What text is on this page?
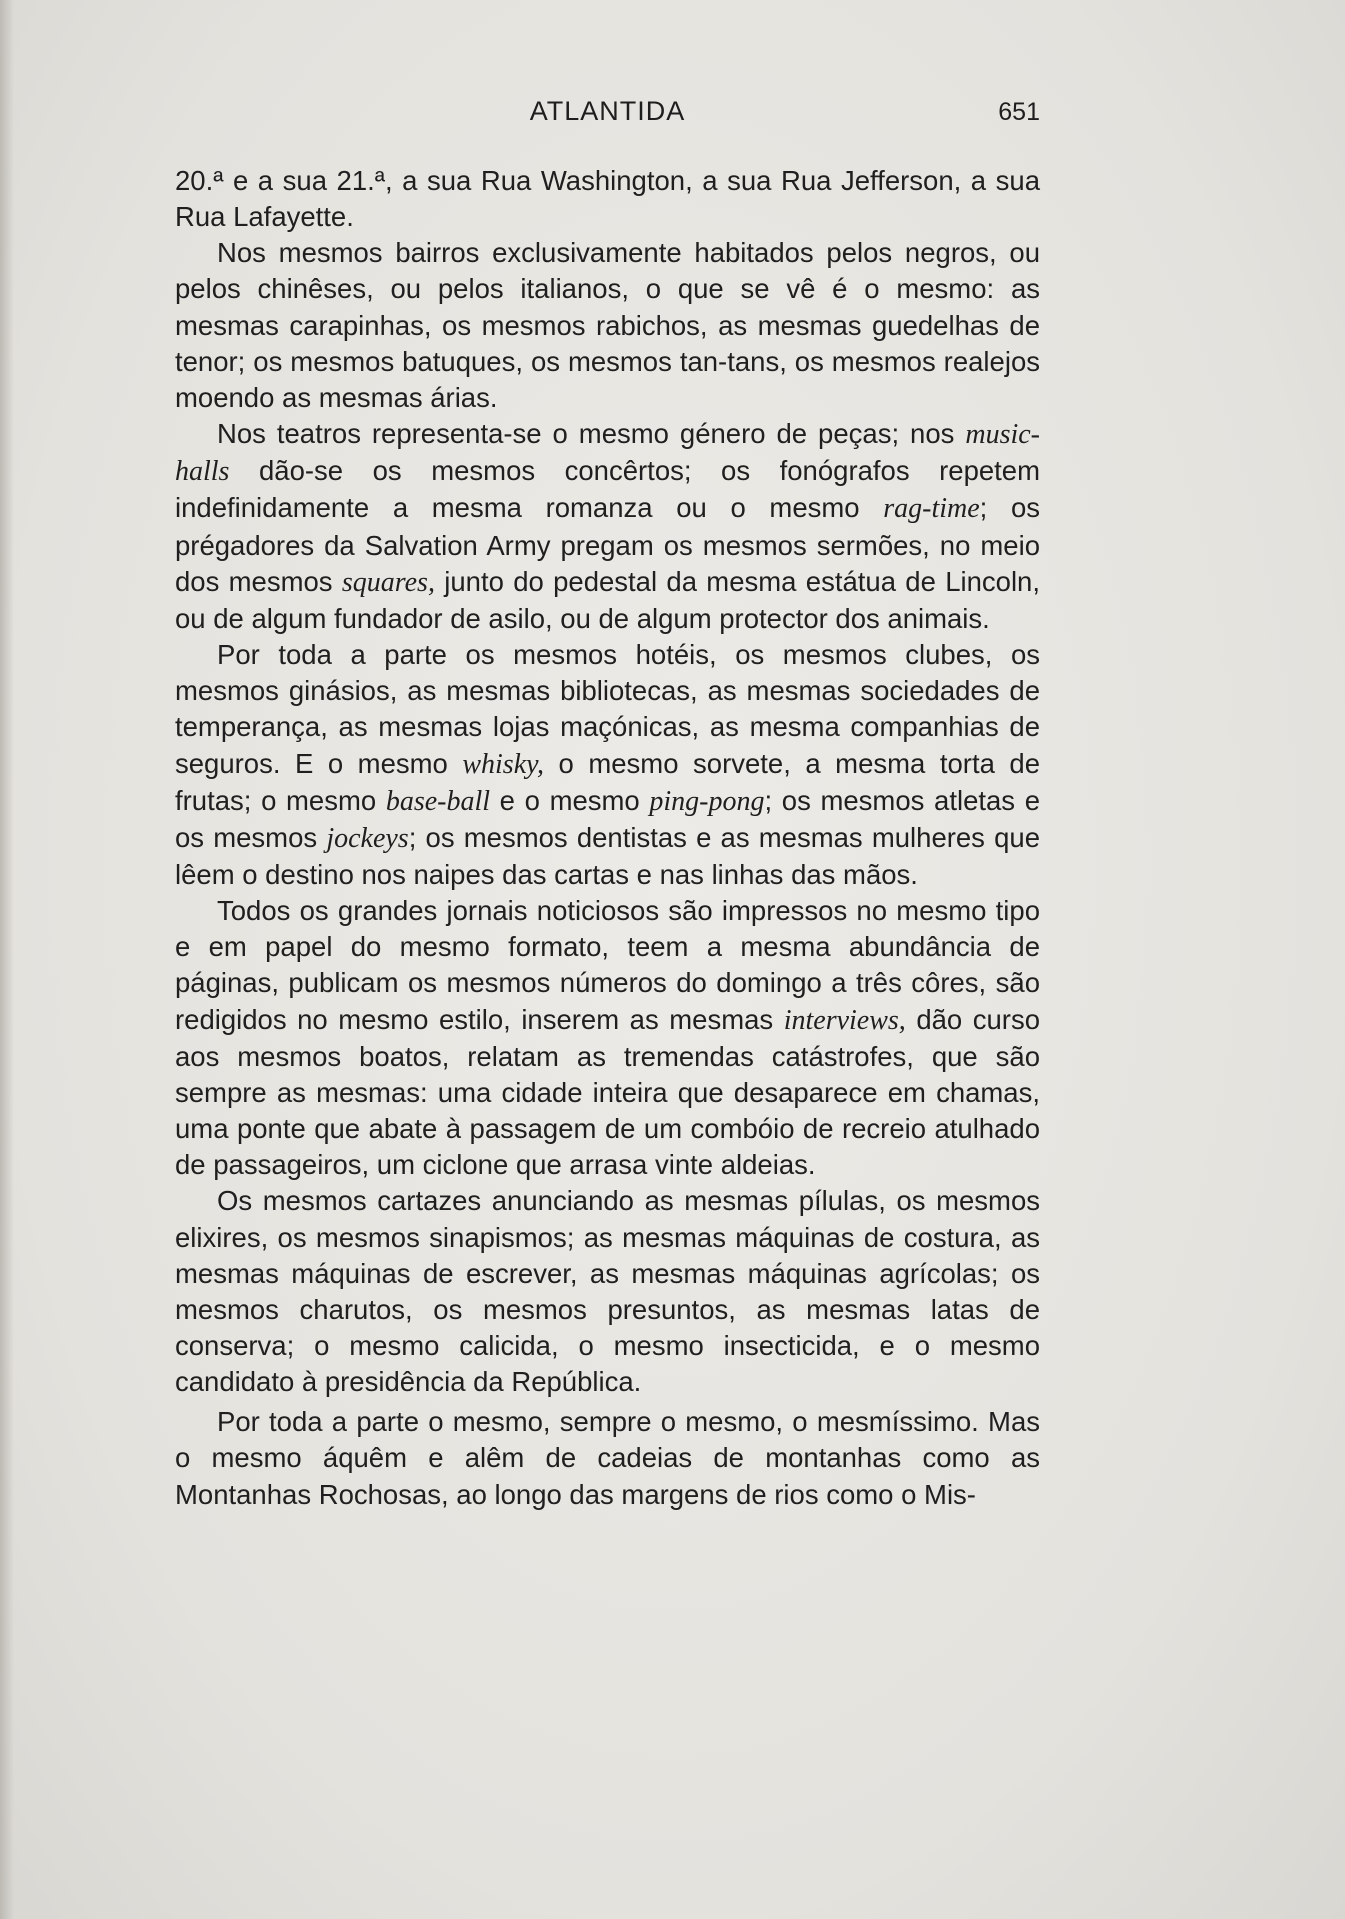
ATLANTIDA	651

20.ª e a sua 21.ª, a sua Rua Washington, a sua Rua Jefferson, a sua Rua Lafayette.

Nos mesmos bairros exclusivamente habitados pelos negros, ou pelos chinêses, ou pelos italianos, o que se vê é o mesmo: as mesmas carapinhas, os mesmos rabichos, as mesmas guedelhas de tenor; os mesmos batuques, os mesmos tan-tans, os mesmos realejos moendo as mesmas árias.

Nos teatros representa-se o mesmo género de peças; nos music-halls dão-se os mesmos concêrtos; os fonógrafos repetem indefinidamente a mesma romanza ou o mesmo rag-time; os prégadores da Salvation Army pregam os mesmos sermões, no meio dos mesmos squares, junto do pedestal da mesma estátua de Lincoln, ou de algum fundador de asilo, ou de algum protector dos animais.

Por toda a parte os mesmos hotéis, os mesmos clubes, os mesmos ginásios, as mesmas bibliotecas, as mesmas sociedades de temperança, as mesmas lojas maçónicas, as mesma companhias de seguros. E o mesmo whisky, o mesmo sorvete, a mesma torta de frutas; o mesmo base-ball e o mesmo ping-pong; os mesmos atletas e os mesmos jockeys; os mesmos dentistas e as mesmas mulheres que lêem o destino nos naipes das cartas e nas linhas das mãos.

Todos os grandes jornais noticiosos são impressos no mesmo tipo e em papel do mesmo formato, teem a mesma abundância de páginas, publicam os mesmos números do domingo a três côres, são redigidos no mesmo estilo, inserem as mesmas interviews, dão curso aos mesmos boatos, relatam as tremendas catástrofes, que são sempre as mesmas: uma cidade inteira que desaparece em chamas, uma ponte que abate à passagem de um combóio de recreio atulhado de passageiros, um ciclone que arrasa vinte aldeias.

Os mesmos cartazes anunciando as mesmas pílulas, os mesmos elixires, os mesmos sinapismos; as mesmas máquinas de costura, as mesmas máquinas de escrever, as mesmas máquinas agrícolas; os mesmos charutos, os mesmos presuntos, as mesmas latas de conserva; o mesmo calicida, o mesmo insecticida, e o mesmo candidato à presidência da República.

Por toda a parte o mesmo, sempre o mesmo, o mesmíssimo. Mas o mesmo áquêm e alêm de cadeias de montanhas como as Montanhas Rochosas, ao longo das margens de rios como o Mis-
